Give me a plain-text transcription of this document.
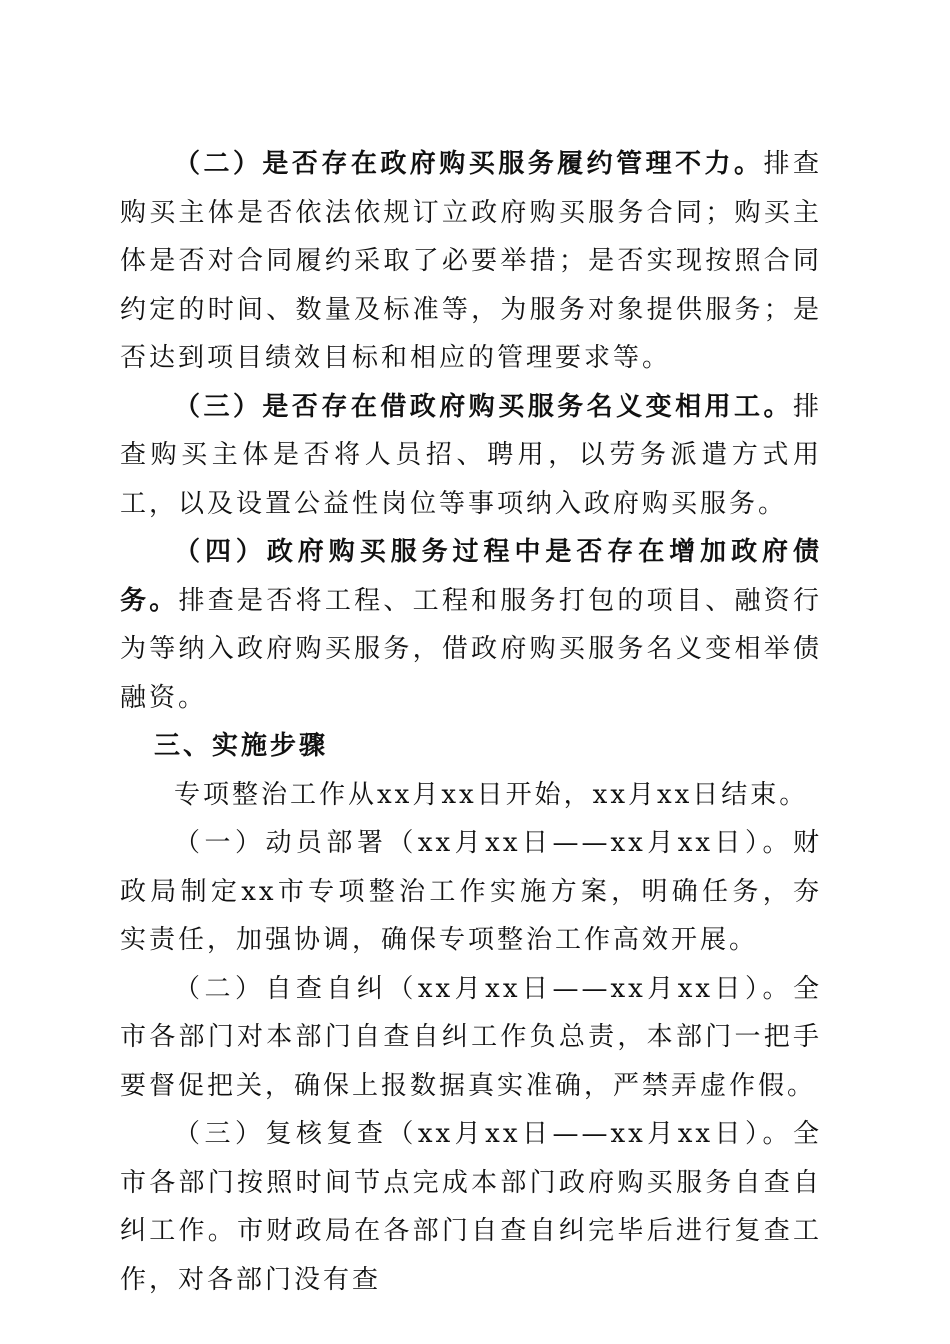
（二）是否存在政府购买服务履约管理不力。排查购买主体是否依法依规订立政府购买服务合同；购买主体是否对合同履约采取了必要举措；是否实现按照合同约定的时间、数量及标准等，为服务对象提供服务；是否达到项目绩效目标和相应的管理要求等。

（三）是否存在借政府购买服务名义变相用工。排查购买主体是否将人员招、聘用，以劳务派遣方式用工，以及设置公益性岗位等事项纳入政府购买服务。

（四）政府购买服务过程中是否存在增加政府债务。排查是否将工程、工程和服务打包的项目、融资行为等纳入政府购买服务，借政府购买服务名义变相举债融资。

三、实施步骤

专项整治工作从xx月xx日开始，xx月xx日结束。

（一）动员部署（xx月xx日——xx月xx日）。财政局制定xx市专项整治工作实施方案，明确任务，夯实责任，加强协调，确保专项整治工作高效开展。

（二）自查自纠（xx月xx日——xx月xx日）。全市各部门对本部门自查自纠工作负总责，本部门一把手要督促把关，确保上报数据真实准确，严禁弄虚作假。

（三）复核复查（xx月xx日——xx月xx日）。全市各部门按照时间节点完成本部门政府购买服务自查自纠工作。市财政局在各部门自查自纠完毕后进行复查工作，对各部门没有查
